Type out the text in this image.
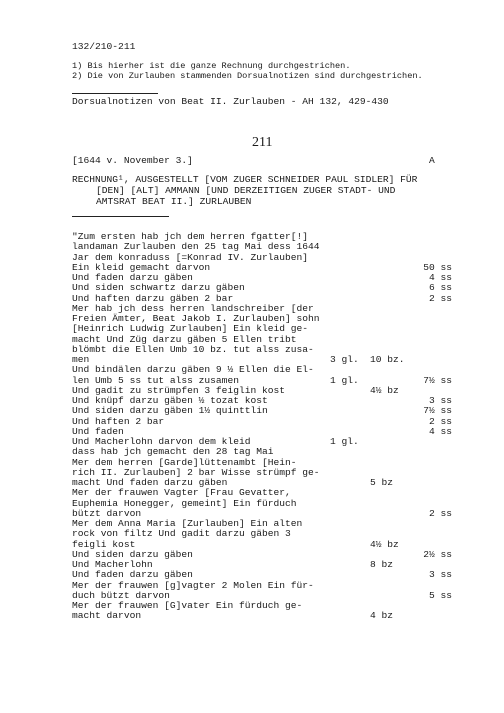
132/210-211
1) Bis hierher ist die ganze Rechnung durchgestrichen.
2) Die von Zurlauben stammenden Dorsualnotizen sind durchgestrichen.
Dorsualnotizen von Beat II. Zurlauben - AH 132, 429-430
211
[1644 v. November 3.]	A
RECHNUNG¹, AUSGESTELLT [VOM ZUGER SCHNEIDER PAUL SIDLER] FÜR
[DEN] [ALT] AMMANN [UND DERZEITIGEN ZUGER STADT- UND
AMTSRAT BEAT II.] ZURLAUBEN
"Zum ersten hab jch dem herren fgatter[!]
landaman Zurlauben den 25 tag Mai dess 1644
Jar dem konraduss [=Konrad IV. Zurlauben]
Ein kleid gemacht darvon	50 ss
Und faden darzu gäben	4 ss
Und siden schwartz darzu gäben	6 ss
Und haften darzu gäben 2 bar	2 ss
Mer hab jch dess herren landschreiber [der
Freien Ämter, Beat Jakob I. Zurlauben] sohn
[Heinrich Ludwig Zurlauben] Ein kleid ge-
macht Und Züg darzu gäben 5 Ellen tribt
blömbt die Ellen Umb 10 bz. tut alss zusa-
men	3 gl. 10 bz.
Und bindälen darzu gäben 9 ½ Ellen die El-
len Umb 5 ss tut alss zusamen	1 gl.	7½ ss
Und gadit zu strümpfen 3 feiglin kost	4½ bz
Und knüpf darzu gäben ½ tozat kost	3 ss
Und siden darzu gäben 1½ quinttlin	7½ ss
Und haften 2 bar	2 ss
Und faden	4 ss
Und Macherlohn darvon dem kleid	1 gl.
dass hab jch gemacht den 28 tag Mai
Mer dem herren [Garde]lüttenambt [Hein-
rich II. Zurlauben] 2 bar Wisse strümpf ge-
macht Und faden darzu gäben	5 bz
Mer der frauwen Vagter [Frau Gevatter,
Euphemia Honegger, gemeint] Ein fürduch
bützt darvon	2 ss
Mer dem Anna Maria [Zurlauben] Ein alten
rock von filtz Und gadit darzu gäben 3
feigli kost	4½ bz
Und siden darzu gäben	2½ ss
Und Macherlohn	8 bz
Und faden darzu gäben	3 ss
Mer der frauwen [g]vagter 2 Molen Ein für-
duch bützt darvon	5 ss
Mer der frauwen [G]vater Ein fürduch ge-
macht darvon	4 bz
